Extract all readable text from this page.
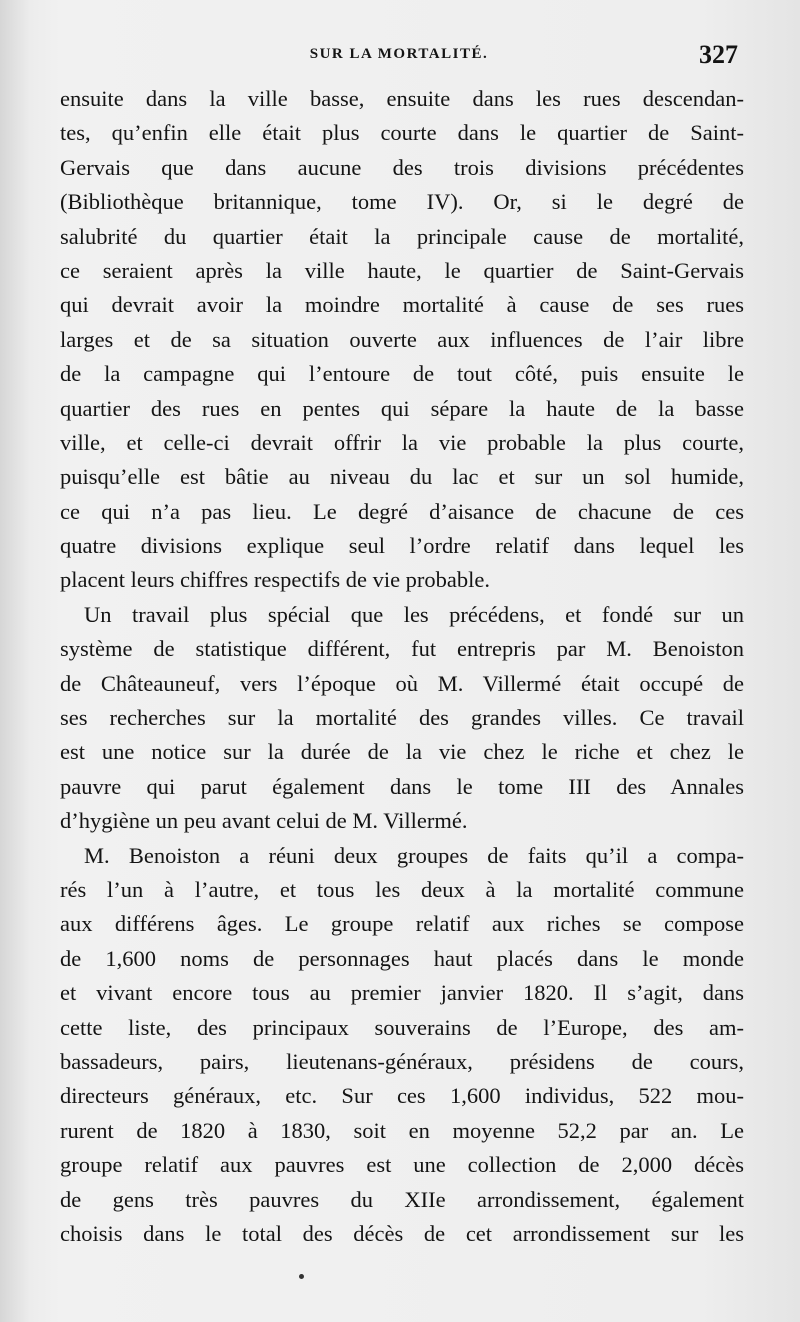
SUR LA MORTALITÉ.	327
ensuite dans la ville basse, ensuite dans les rues descendan-
tes, qu’enfin elle était plus courte dans le quartier de Saint-
Gervais que dans aucune des trois divisions précédentes
(Bibliothèque britannique, tome IV). Or, si le degré de
salubrité du quartier était la principale cause de mortalité,
ce seraient après la ville haute, le quartier de Saint-Gervais
qui devrait avoir la moindre mortalité à cause de ses rues
larges et de sa situation ouverte aux influences de l’air libre
de la campagne qui l’entoure de tout côté, puis ensuite le
quartier des rues en pentes qui sépare la haute de la basse
ville, et celle-ci devrait offrir la vie probable la plus courte,
puisqu’elle est bâtie au niveau du lac et sur un sol humide,
ce qui n’a pas lieu. Le degré d’aisance de chacune de ces
quatre divisions explique seul l’ordre relatif dans lequel les
placent leurs chiffres respectifs de vie probable.
Un travail plus spécial que les précédens, et fondé sur un
système de statistique différent, fut entrepris par M. Benoiston
de Châteauneuf, vers l’époque où M. Villermé était occupé de
ses recherches sur la mortalité des grandes villes. Ce travail
est une notice sur la durée de la vie chez le riche et chez le
pauvre qui parut également dans le tome III des Annales
d’hygiène un peu avant celui de M. Villermé.
M. Benoiston a réuni deux groupes de faits qu’il a compa-
rés l’un à l’autre, et tous les deux à la mortalité commune
aux différens âges. Le groupe relatif aux riches se compose
de 1,600 noms de personnages haut placés dans le monde
et vivant encore tous au premier janvier 1820. Il s’agit, dans
cette liste, des principaux souverains de l’Europe, des am-
bassadeurs, pairs, lieutenans-généraux, présidens de cours,
directeurs généraux, etc. Sur ces 1,600 individus, 522 mou-
rurent de 1820 à 1830, soit en moyenne 52,2 par an. Le
groupe relatif aux pauvres est une collection de 2,000 décès
de gens très pauvres du XIIe arrondissement, également
choisis dans le total des décès de cet arrondissement sur les
